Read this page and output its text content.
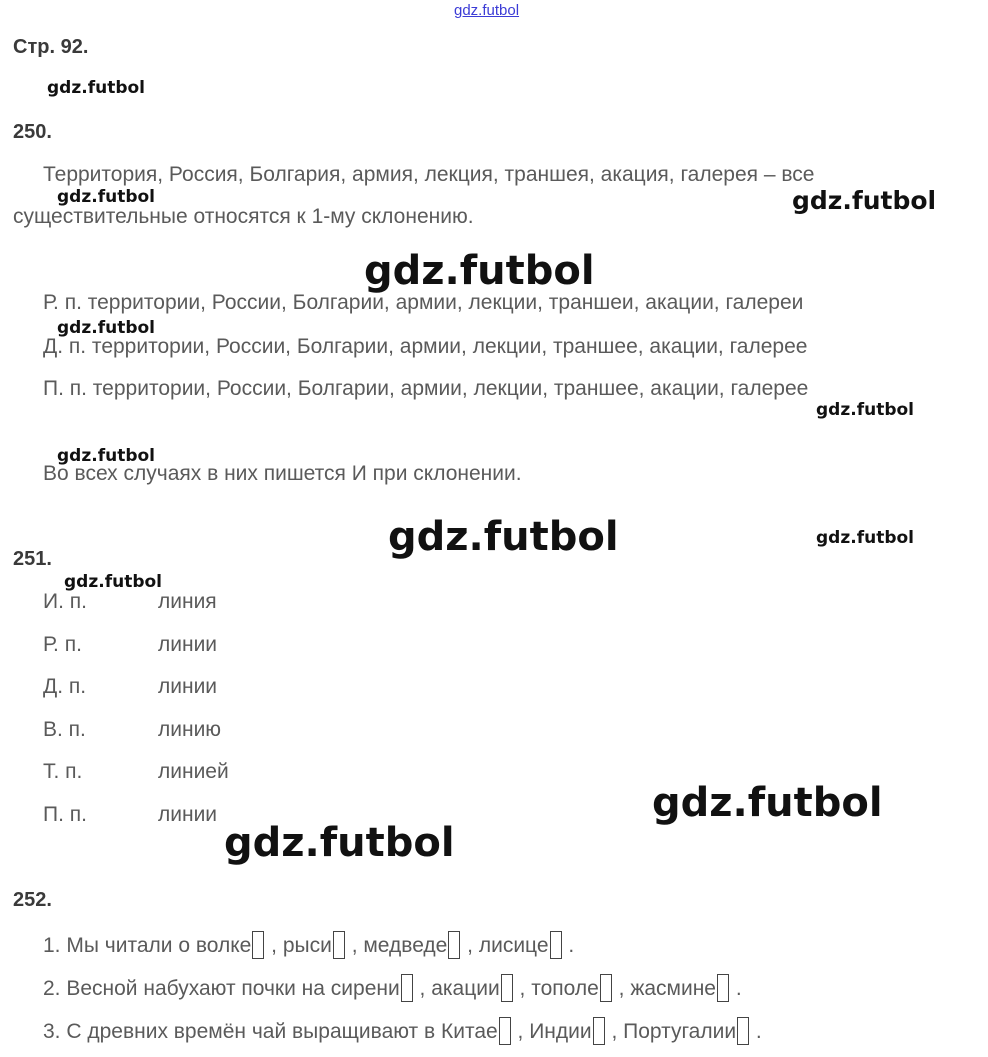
gdz.futbol
gdz.futbol
gdz.futbol	gdz.futbol
gdz.futbol
gdz.futbol
gdz.futbol
gdz.futbol
gdz.futbol	gdz.futbol
gdz.futbol
gdz.futbol
gdz.futbol
Стр. 92.
250.
Территория, Россия, Болгария, армия, лекция, траншея, акация, галерея – все
существительные относятся к 1-му склонению.
Р. п. территории, России, Болгарии, армии, лекции, траншеи, акации, галереи
Д. п. территории, России, Болгарии, армии, лекции, траншее, акации, галерее
П. п. территории, России, Болгарии, армии, лекции, траншее, акации, галерее
Во всех случаях в них пишется И при склонении.
251.
И. п.	линия
Р. п.	линии
Д. п.	линии
В. п.	линию
Т. п.	линией
П. п.	линии
252.
1. Мы читали о волке , рыси , медведе , лисице .
2. Весной набухают почки на сирени , акации , тополе , жасмине .
3. С древних времён чай выращивают в Китае , Индии , Португалии .
